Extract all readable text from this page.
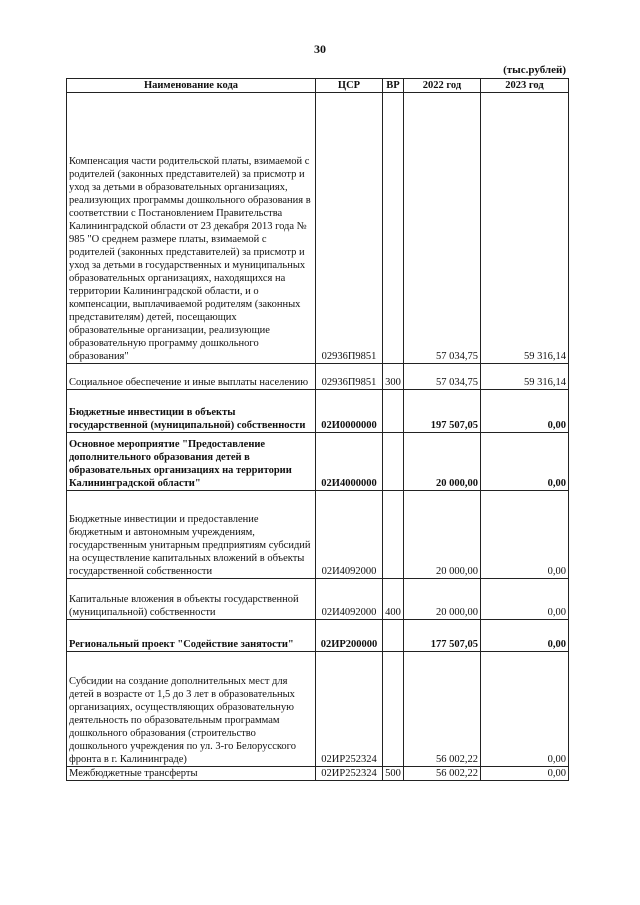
30
(тыс.рублей)
Наименование кода	ЦСР	ВР	2022 год	2023 год
Компенсация части родительской платы, взимаемой с родителей (законных представителей) за присмотр и уход за детьми в образовательных организациях, реализующих программы дошкольного образования в соответствии с Постановлением Правительства Калининградской области от 23 декабря 2013 года № 985 "О среднем размере платы, взимаемой с родителей (законных представителей) за присмотр и уход за детьми в государственных и муниципальных образовательных организациях, находящихся на территории Калининградской области, и о компенсации, выплачиваемой родителям (законных представителям) детей, посещающих образовательные организации, реализующие образовательную программу дошкольного образования"	02936П9851		57 034,75	59 316,14
Социальное обеспечение и иные выплаты населению	02936П9851	300	57 034,75	59 316,14
Бюджетные инвестиции в объекты государственной (муниципальной) собственности	02И0000000		197 507,05	0,00
Основное мероприятие "Предоставление дополнительного образования детей в образовательных организациях на территории Калининградской области"	02И4000000		20 000,00	0,00
Бюджетные инвестиции и предоставление бюджетным и автономным учреждениям, государственным унитарным предприятиям субсидий на осуществление капитальных вложений в объекты государственной собственности	02И4092000		20 000,00	0,00
Капитальные вложения в объекты государственной (муниципальной) собственности	02И4092000	400	20 000,00	0,00
Региональный проект "Содействие занятости"	02ИР200000		177 507,05	0,00
Субсидии на создание дополнительных мест для детей в возрасте от 1,5 до 3 лет в образовательных организациях, осуществляющих образовательную деятельность по образовательным программам дошкольного образования (строительство дошкольного учреждения по ул. 3-го Белорусского фронта в г. Калининграде)	02ИР252324		56 002,22	0,00
Межбюджетные трансферты	02ИР252324	500	56 002,22	0,00
